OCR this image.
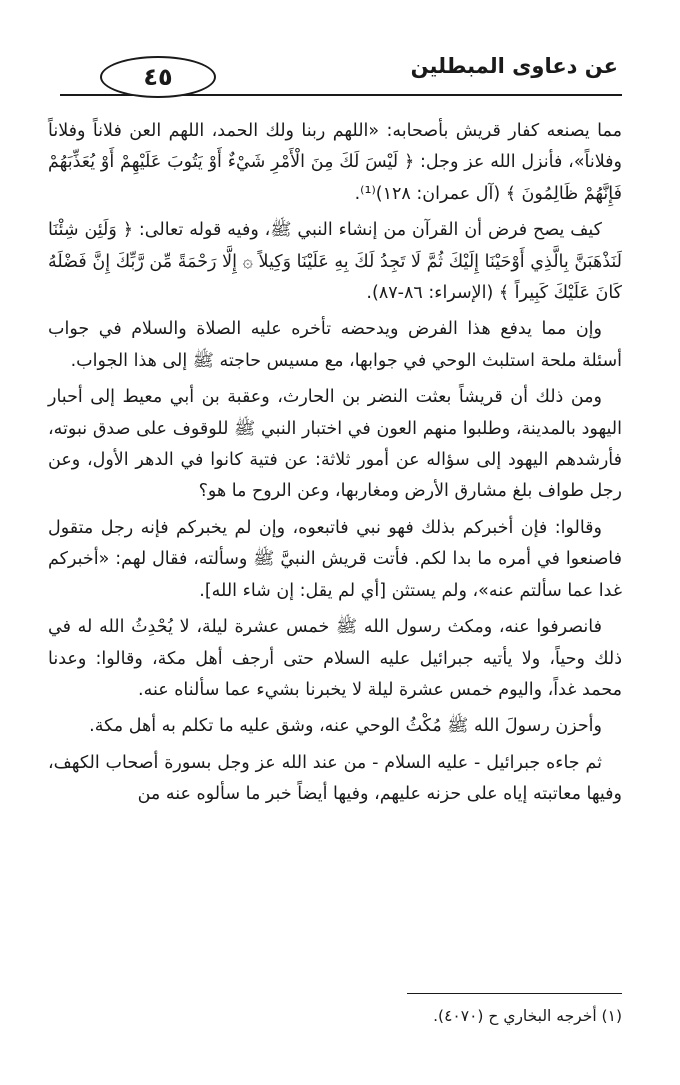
عن دعاوى المبطلين
٤٥

مما يصنعه كفار قريش بأصحابه: «اللهم ربنا ولك الحمد، اللهم العن فلاناً وفلاناً وفلاناً»، فأنزل الله عز وجل: ﴿ لَيْسَ لَكَ مِنَ الْأَمْرِ شَيْءٌ أَوْ يَتُوبَ عَلَيْهِمْ أَوْ يُعَذِّبَهُمْ فَإِنَّهُمْ ظَالِمُونَ ﴾ (آل عمران: ١٢٨)⁽¹⁾.

كيف يصح فرض أن القرآن من إنشاء النبي ﷺ، وفيه قوله تعالى: ﴿ وَلَئِن شِئْنَا لَنَذْهَبَنَّ بِالَّذِي أَوْحَيْنَا إِلَيْكَ ثُمَّ لَا تَجِدُ لَكَ بِهِ عَلَيْنَا وَكِيلاً ۞ إِلَّا رَحْمَةً مِّن رَّبِّكَ إِنَّ فَضْلَهُ كَانَ عَلَيْكَ كَبِيراً ﴾ (الإسراء: ٨٦-٨٧).

وإن مما يدفع هذا الفرض ويدحضه تأخره عليه الصلاة والسلام في جواب أسئلة ملحة استلبث الوحي في جوابها، مع مسيس حاجته ﷺ إلى هذا الجواب.

ومن ذلك أن قريشاً بعثت النضر بن الحارث، وعقبة بن أبي معيط إلى أحبار اليهود بالمدينة، وطلبوا منهم العون في اختبار النبي ﷺ للوقوف على صدق نبوته، فأرشدهم اليهود إلى سؤاله عن أمور ثلاثة: عن فتية كانوا في الدهر الأول، وعن رجل طواف بلغ مشارق الأرض ومغاربها، وعن الروح ما هو؟

وقالوا: فإن أخبركم بذلك فهو نبي فاتبعوه، وإن لم يخبركم فإنه رجل متقول فاصنعوا في أمره ما بدا لكم. فأتت قريش النبيَّ ﷺ وسألته، فقال لهم: «أخبركم غدا عما سألتم عنه»، ولم يستثن [أي لم يقل: إن شاء الله].

فانصرفوا عنه، ومكث رسول الله ﷺ خمس عشرة ليلة، لا يُحْدِثُ الله له في ذلك وحياً، ولا يأتيه جبرائيل عليه السلام حتى أرجف أهل مكة، وقالوا: وعدنا محمد غداً، واليوم خمس عشرة ليلة لا يخبرنا بشيء عما سألناه عنه.

وأحزن رسولَ الله ﷺ مُكْثُ الوحي عنه، وشق عليه ما تكلم به أهل مكة.

ثم جاءه جبرائيل - عليه السلام - من عند الله عز وجل بسورة أصحاب الكهف، وفيها معاتبته إياه على حزنه عليهم، وفيها أيضاً خبر ما سألوه عنه من

(١) أخرجه البخاري ح (٤٠٧٠).
